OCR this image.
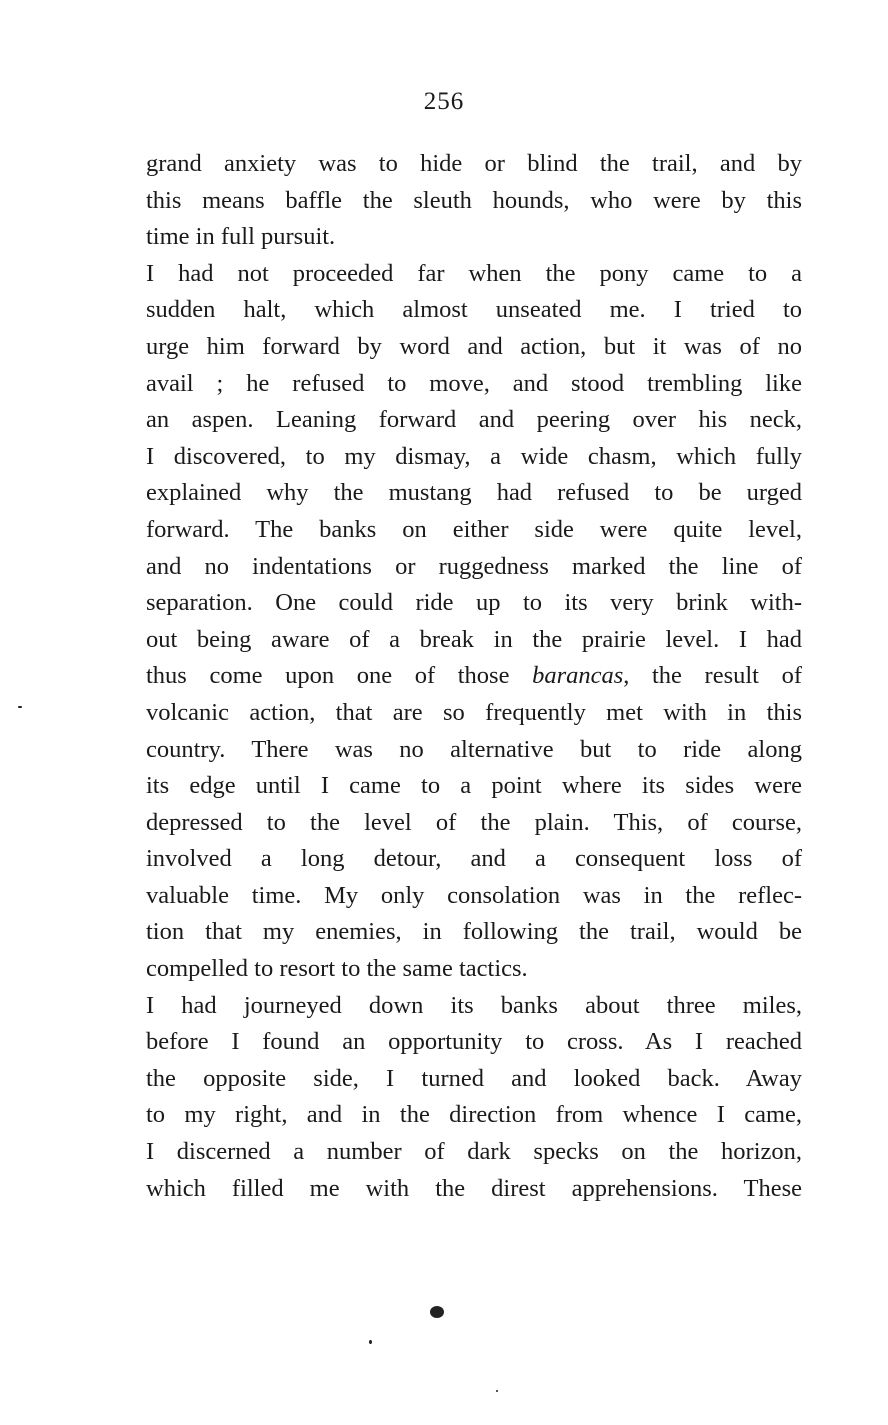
256
grand anxiety was to hide or blind the trail, and by
this means baffle the sleuth hounds, who were by this
time in full pursuit.
I had not proceeded far when the pony came to a
sudden halt, which almost unseated me. I tried to
urge him forward by word and action, but it was of no
avail ; he refused to move, and stood trembling like
an aspen. Leaning forward and peering over his neck,
I discovered, to my dismay, a wide chasm, which fully
explained why the mustang had refused to be urged
forward. The banks on either side were quite level,
and no indentations or ruggedness marked the line of
separation. One could ride up to its very brink with-
out being aware of a break in the prairie level. I had
thus come upon one of those barancas, the result of
volcanic action, that are so frequently met with in this
country. There was no alternative but to ride along
its edge until I came to a point where its sides were
depressed to the level of the plain. This, of course,
involved a long detour, and a consequent loss of
valuable time. My only consolation was in the reflec-
tion that my enemies, in following the trail, would be
compelled to resort to the same tactics.
I had journeyed down its banks about three miles,
before I found an opportunity to cross. As I reached
the opposite side, I turned and looked back. Away
to my right, and in the direction from whence I came,
I discerned a number of dark specks on the horizon,
which filled me with the direst apprehensions. These
